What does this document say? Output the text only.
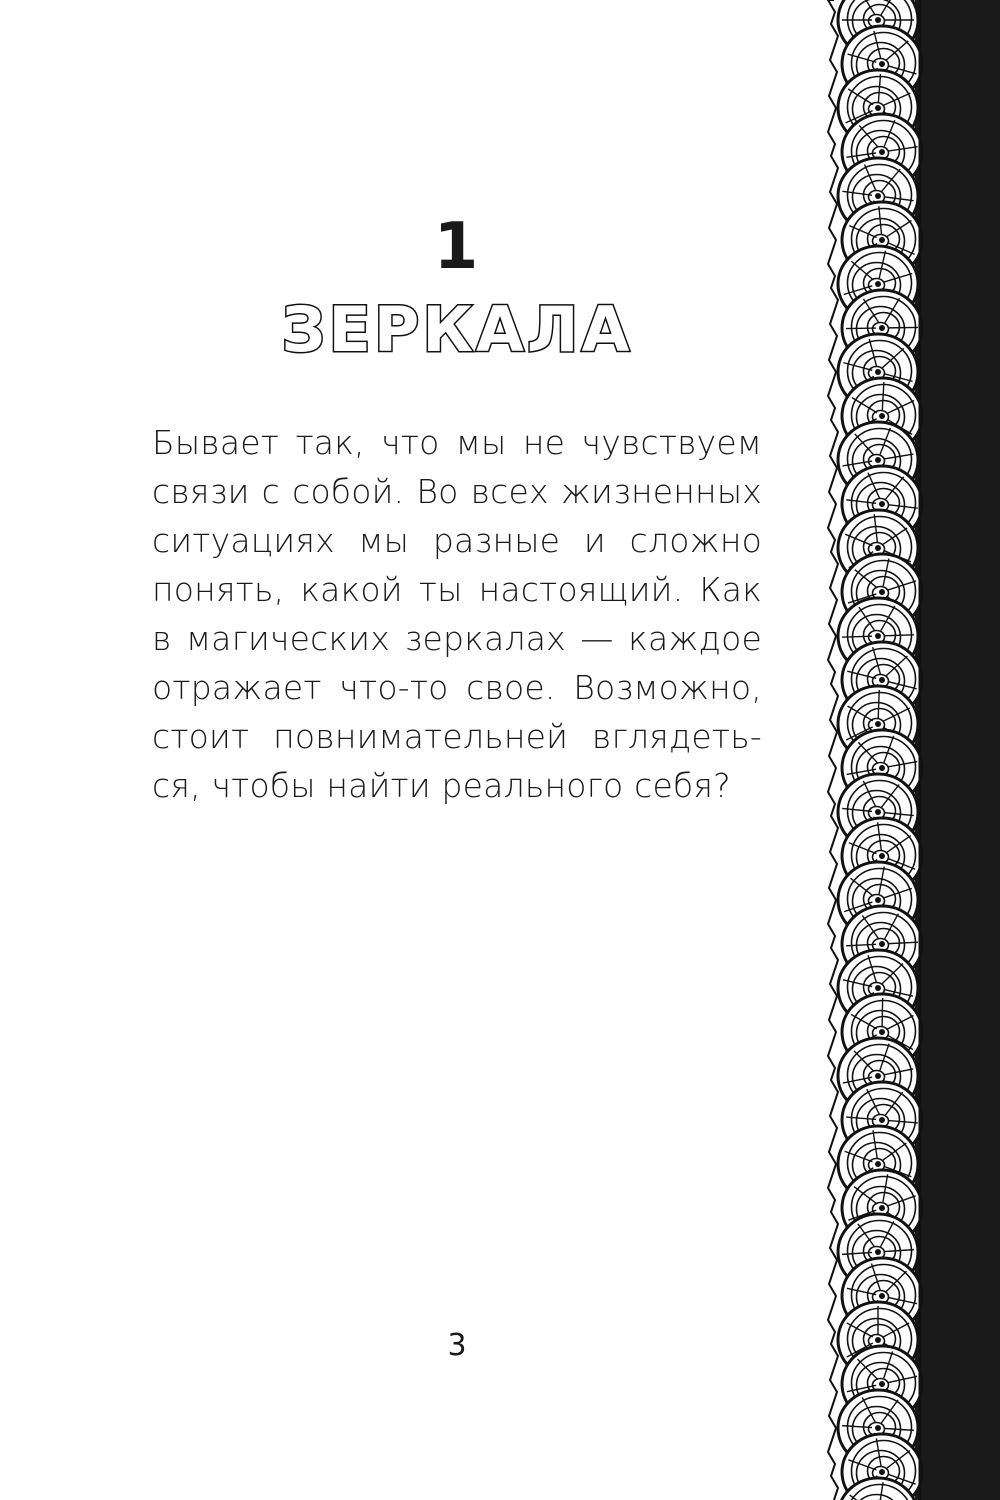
1
ЗЕРКАЛА

Бывает так, что мы не чувствуем
связи с собой. Во всех жизненных
ситуациях мы разные и сложно
понять, какой ты настоящий. Как
в магических зеркалах — каждое
отражает что-то свое. Возможно,
стоит повнимательней вглядеть-
ся, чтобы найти реального себя?

3
